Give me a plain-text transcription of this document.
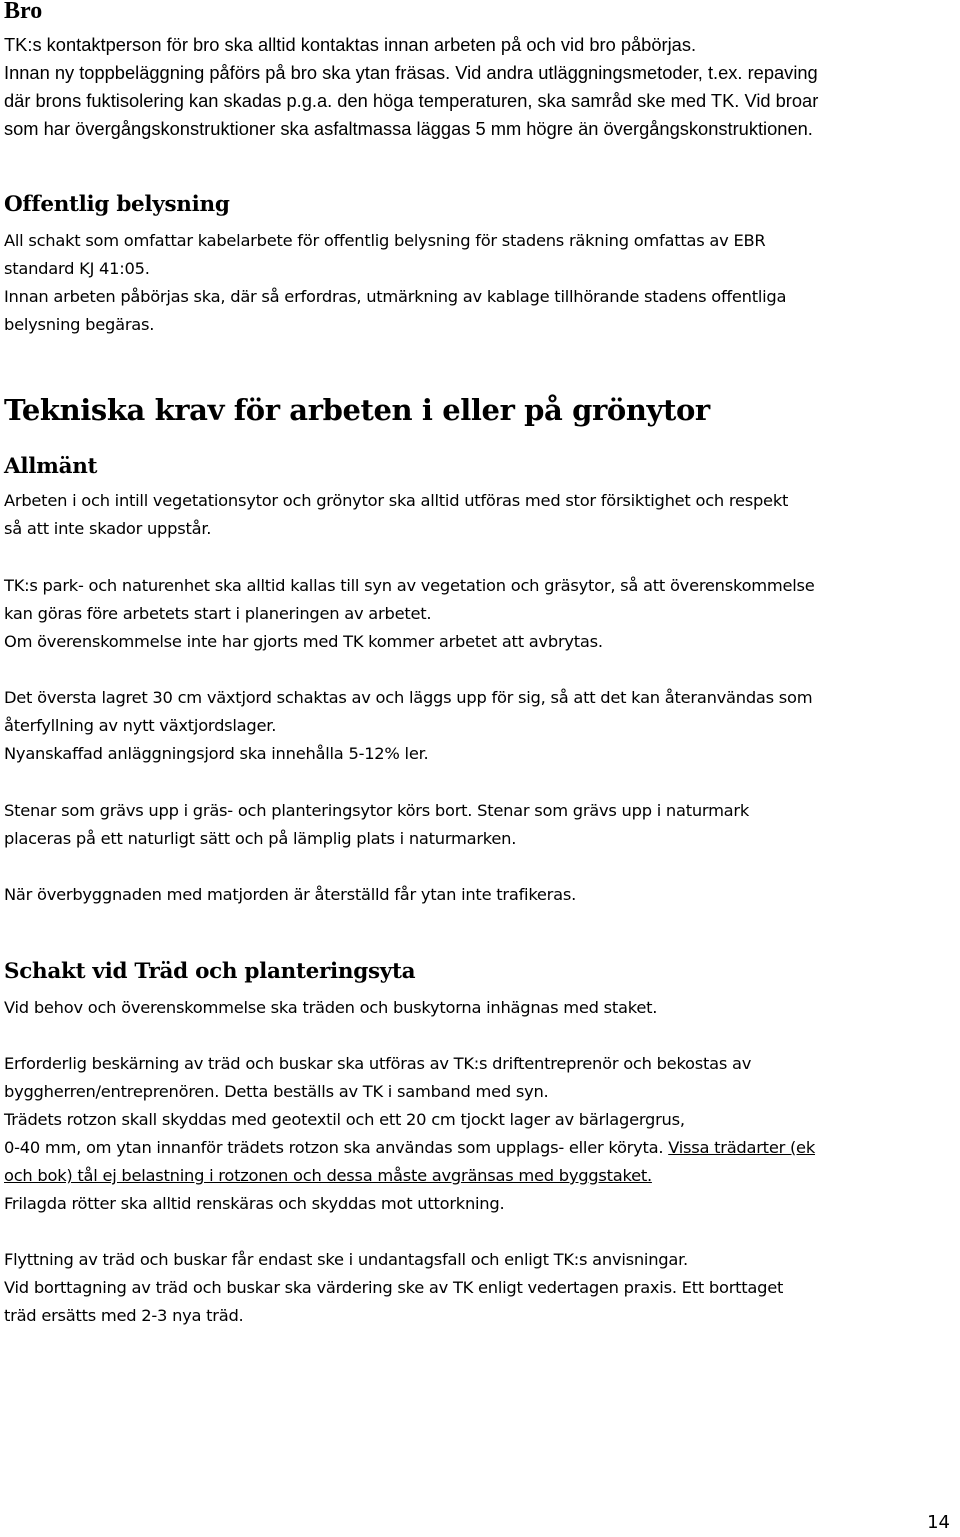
Bro

TK:s kontaktperson för bro ska alltid kontaktas innan arbeten på och vid bro påbörjas.

Innan ny toppbeläggning påförs på bro ska ytan fräsas. Vid andra utläggningsmetoder, t.ex. repaving

där brons fuktisolering kan skadas p.g.a. den höga temperaturen, ska samråd ske med TK. Vid broar

som har övergångskonstruktioner ska asfaltmassa läggas 5 mm högre än övergångskonstruktionen.

Offentlig belysning

All schakt som omfattar kabelarbete för offentlig belysning för stadens räkning omfattas av EBR

standard KJ 41:05.

Innan arbeten påbörjas ska, där så erfordras, utmärkning av kablage tillhörande stadens offentliga

belysning begäras.

Tekniska krav för arbeten i eller på grönytor
Allmänt

Arbeten i och intill vegetationsytor och grönytor ska alltid utföras med stor försiktighet och respekt

så att inte skador uppstår.

TK:s park- och naturenhet ska alltid kallas till syn av vegetation och gräsytor, så att överenskommelse

kan göras före arbetets start i planeringen av arbetet.

Om överenskommelse inte har gjorts med TK kommer arbetet att avbrytas.

Det översta lagret 30 cm växtjord schaktas av och läggs upp för sig, så att det kan återanvändas som

återfyllning av nytt växtjordslager.

Nyanskaffad anläggningsjord ska innehålla 5-12% ler.

Stenar som grävs upp i gräs- och planteringsytor körs bort. Stenar som grävs upp i naturmark

placeras på ett naturligt sätt och på lämplig plats i naturmarken.

När överbyggnaden med matjorden är återställd får ytan inte trafikeras.

Schakt vid Träd och planteringsyta

Vid behov och överenskommelse ska träden och buskytorna inhägnas med staket.

Erforderlig beskärning av träd och buskar ska utföras av TK:s driftentreprenör och bekostas av

byggherren/entreprenören. Detta beställs av TK i samband med syn.

Trädets rotzon skall skyddas med geotextil och ett 20 cm tjockt lager av bärlagergrus,

0-40 mm, om ytan innanför trädets rotzon ska användas som upplags- eller köryta. Vissa trädarter (ek

och bok) tål ej belastning i rotzonen och dessa måste avgränsas med byggstaket.

Frilagda rötter ska alltid renskäras och skyddas mot uttorkning.

Flyttning av träd och buskar får endast ske i undantagsfall och enligt TK:s anvisningar.

Vid borttagning av träd och buskar ska värdering ske av TK enligt vedertagen praxis. Ett borttaget

träd ersätts med 2-3 nya träd.

14
